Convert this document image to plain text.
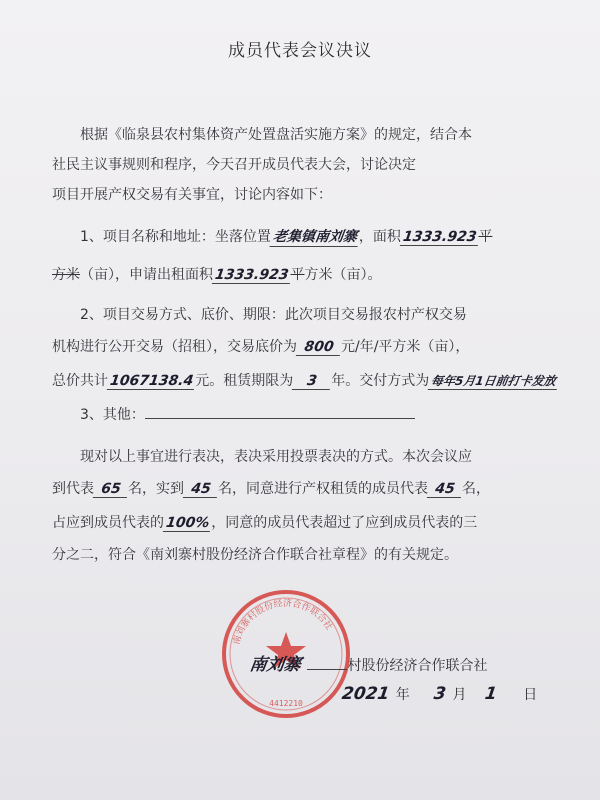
成员代表会议决议
根据《临泉县农村集体资产处置盘活实施方案》的规定，结合本
社民主议事规则和程序，今天召开成员代表大会，讨论决定
项目开展产权交易有关事宜，讨论内容如下：
1、项目名称和地址：坐落位置老集镇南刘寨，面积1333.923平
方米（亩），申请出租面积1333.923平方米（亩）。
2、项目交易方式、底价、期限：此次项目交易报农村产权交易
机构进行公开交易（招租），交易底价为 800 元/年/平方米（亩），
总价共计1067138.4元。租赁期限为 3 年。交付方式为每年5月1日前打卡发放
3、其他：
现对以上事宜进行表决，表决采用投票表决的方式。本次会议应
到代表 65 名，实到 45 名，同意进行产权租赁的成员代表 45 名，
占应到成员代表的100%，同意的成员代表超过了应到成员代表的三
分之二，符合《南刘寨村股份经济合作联合社章程》的有关规定。
南刘寨村股份经济合作联合社
4412210
南刘寨	村股份经济合作联合社
2021 年 3 月 1 日
